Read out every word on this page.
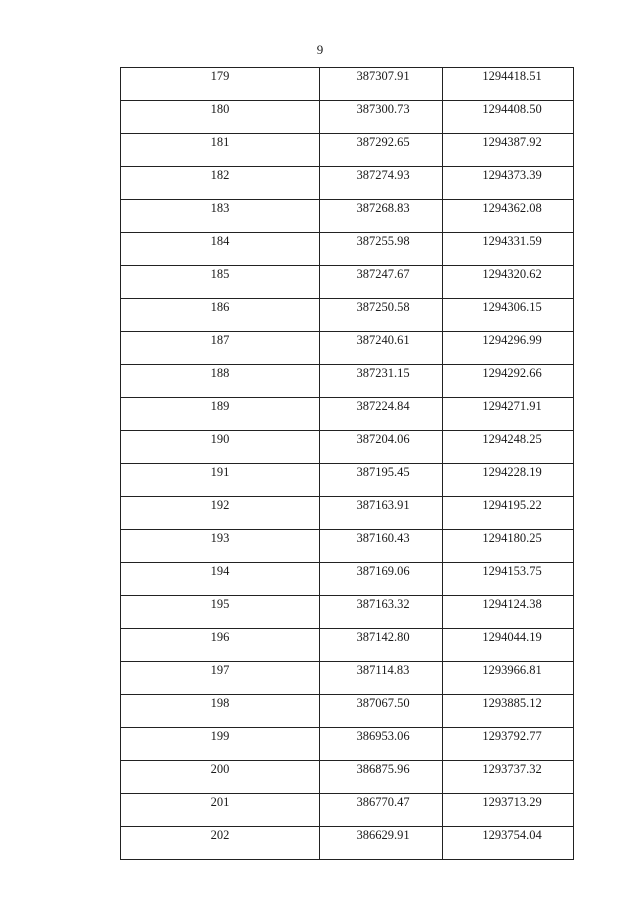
9
179	387307.91	1294418.51
180	387300.73	1294408.50
181	387292.65	1294387.92
182	387274.93	1294373.39
183	387268.83	1294362.08
184	387255.98	1294331.59
185	387247.67	1294320.62
186	387250.58	1294306.15
187	387240.61	1294296.99
188	387231.15	1294292.66
189	387224.84	1294271.91
190	387204.06	1294248.25
191	387195.45	1294228.19
192	387163.91	1294195.22
193	387160.43	1294180.25
194	387169.06	1294153.75
195	387163.32	1294124.38
196	387142.80	1294044.19
197	387114.83	1293966.81
198	387067.50	1293885.12
199	386953.06	1293792.77
200	386875.96	1293737.32
201	386770.47	1293713.29
202	386629.91	1293754.04
